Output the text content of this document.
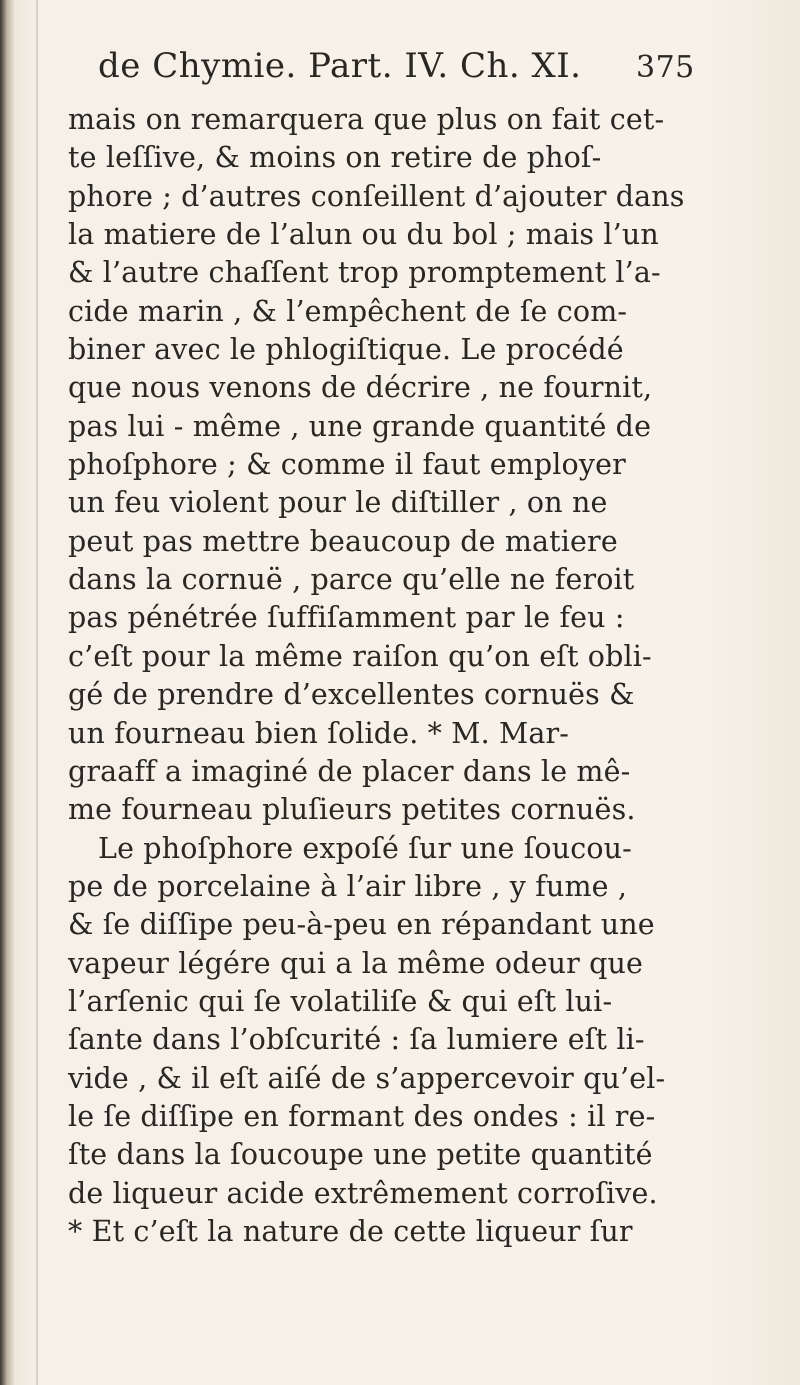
de Chymie. Part. IV. Ch. XI. 375
mais on remarquera que plus on fait cet-
te leſſive, & moins on retire de phoſ-
phore ; d’autres conſeillent d’ajouter dans
la matiere de l’alun ou du bol ; mais l’un
& l’autre chaſſent trop promptement l’a-
cide marin , & l’empêchent de ſe com-
biner avec le phlogiſtique. Le procédé
que nous venons de décrire , ne fournit,
pas lui - même , une grande quantité de
phoſphore ; & comme il faut employer
un feu violent pour le diſtiller , on ne
peut pas mettre beaucoup de matiere
dans la cornuë , parce qu’elle ne feroit
pas pénétrée ſuffiſamment par le feu :
c’eſt pour la même raiſon qu’on eſt obli-
gé de prendre d’excellentes cornuës &
un fourneau bien ſolide. * M. Mar-
graaff a imaginé de placer dans le mê-
me fourneau pluſieurs petites cornuës.
Le phoſphore expoſé ſur une ſoucou-
pe de porcelaine à l’air libre , y fume ,
& ſe diſſipe peu-à-peu en répandant une
vapeur légére qui a la même odeur que
l’arſenic qui ſe volatiliſe & qui eſt lui-
ſante dans l’obſcurité : ſa lumiere eſt li-
vide , & il eſt aiſé de s’appercevoir qu’el-
le ſe diſſipe en formant des ondes : il re-
ſte dans la ſoucoupe une petite quantité
de liqueur acide extrêmement corroſive.
* Et c’eſt la nature de cette liqueur ſur
